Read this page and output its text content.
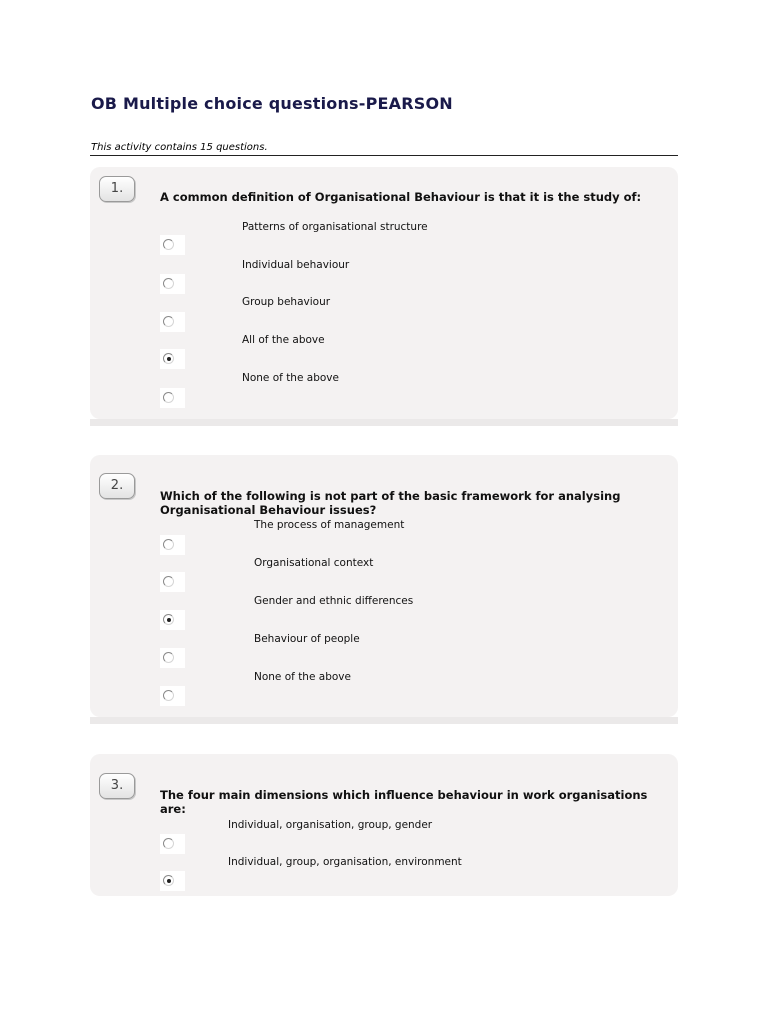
OB Multiple choice questions-PEARSON
This activity contains 15 questions.
1.
A common definition of Organisational Behaviour is that it is the study of:
Patterns of organisational structure
Individual behaviour
Group behaviour
All of the above
None of the above
2.
Which of the following is not part of the basic framework for analysing Organisational Behaviour issues?
The process of management
Organisational context
Gender and ethnic differences
Behaviour of people
None of the above
3.
The four main dimensions which influence behaviour in work organisations are:
Individual, organisation, group, gender
Individual, group, organisation, environment
